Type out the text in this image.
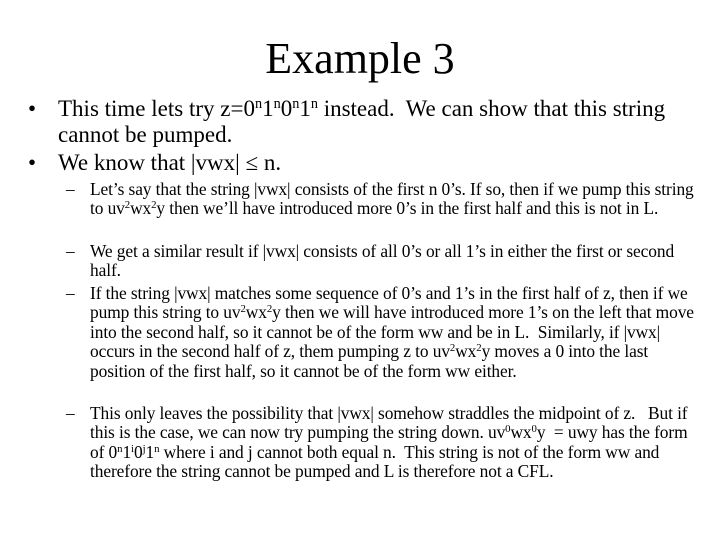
Example 3
• This time lets try $z=0^n1^n0^n1^n$ instead.  We can show that this string cannot be pumped.
• We know that |vwx| ≤ n.
– Let’s say that the string |vwx| consists of the first n 0’s. If so, then if we pump this string to $uv^2wx^2y$ then we’ll have introduced more 0’s in the first half and this is not in L.
– We get a similar result if |vwx| consists of all 0’s or all 1’s in either the first or second half.
– If the string |vwx| matches some sequence of 0’s and 1’s in the first half of z, then if we pump this string to $uv^2wx^2y$ then we will have introduced more 1’s on the left that move into the second half, so it cannot be of the form ww and be in L.  Similarly, if |vwx| occurs in the second half of z, them pumping z to $uv^2wx^2y$ moves a 0 into the last position of the first half, so it cannot be of the form ww either.
– This only leaves the possibility that |vwx| somehow straddles the midpoint of z.   But if this is the case, we can now try pumping the string down. $uv^0wx^0y$  = uwy has the form of 0$^n$1$^i$0$^j$1$^n$ where i and j cannot both equal n.  This string is not of the form ww and therefore the string cannot be pumped and L is therefore not a CFL.
